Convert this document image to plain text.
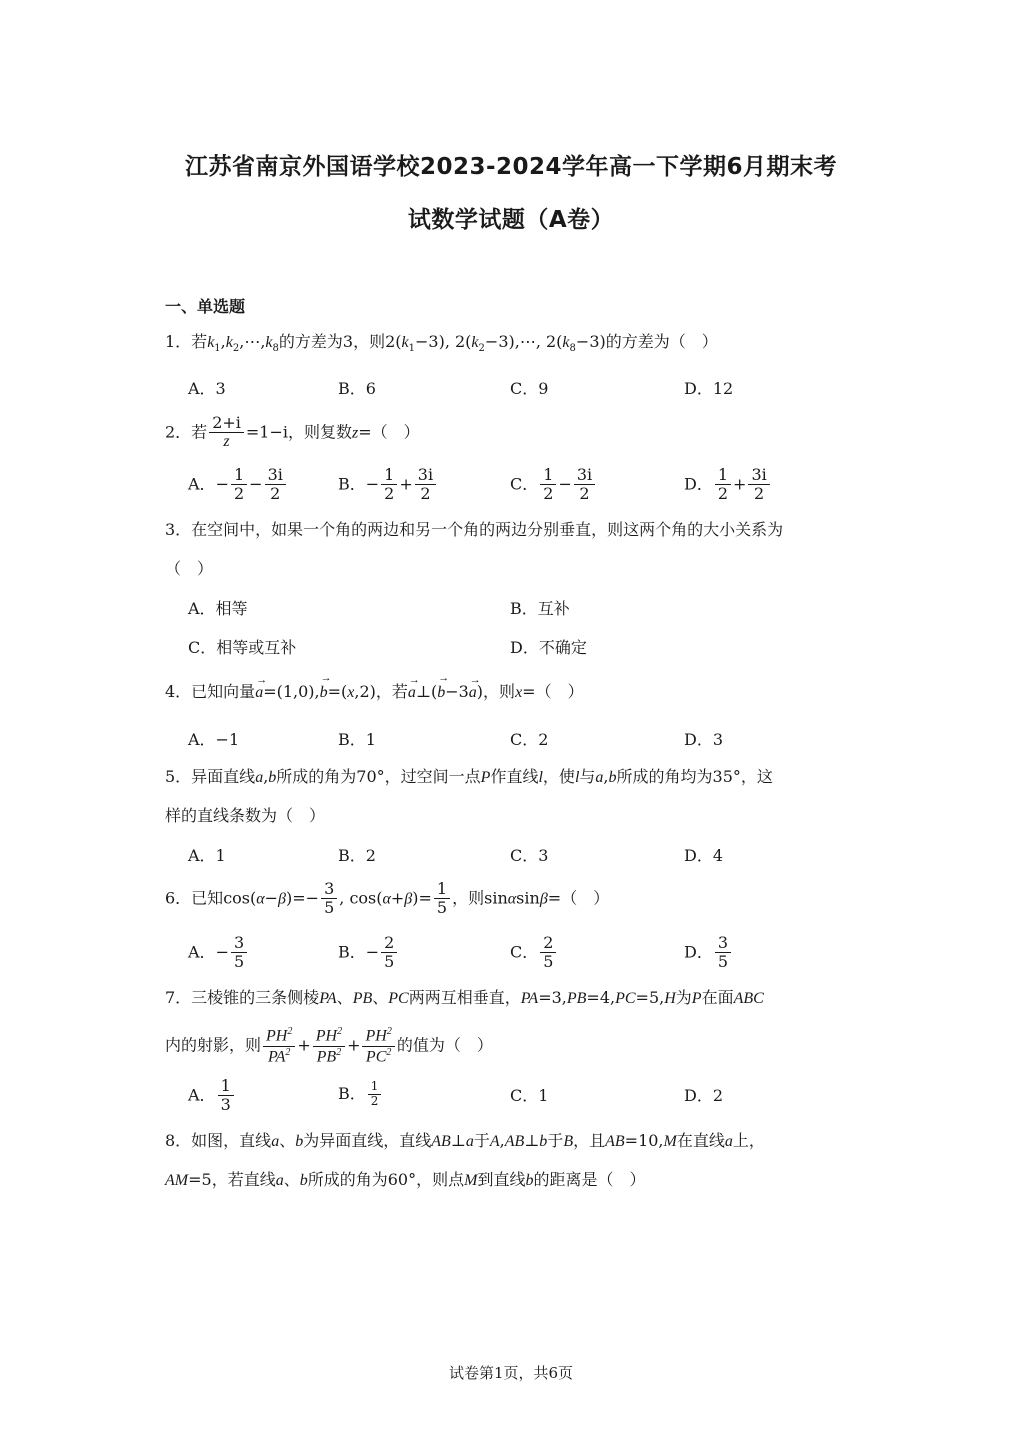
江苏省南京外国语学校2023-2024学年高一下学期6月期末考
试数学试题（A卷）
一、单选题
1．若$k_1,k_2,\cdots,k_8$的方差为3，则$2(k_1-3)$, $2(k_2-3),\cdots$, $2(k_8-3)$的方差为（　）
A．3	B．6	C．9	D．12
2．若 $\frac{2+i}{z} =1-i$，则复数z=（　）
A．− $\frac{1}{2} - \frac{3i}{2}$	B．− $\frac{1}{2} + \frac{3i}{2}$	C． $\frac{1}{2} - \frac{3i}{2}$	D． $\frac{1}{2} + \frac{3i}{2}$
3．在空间中，如果一个角的两边和另一个角的两边分别垂直，则这两个角的大小关系为
（　）
A．相等	B．互补
C．相等或互补	D．不确定
4．已知向量a
→
=(1,0),b
→
=(x,2)，若a
→
⊥(b
→
−3a
→
)，则x=（　）
A．−1	B．1	C．2	D．3
5．异面直线a,b所成的角为70°，过空间一点P作直线l，使l与a,b所成的角均为35°，这
样的直线条数为（　）
A．1	B．2	C．3	D．4
6．已知$\cos(\alpha-\beta)=- \frac{3}{5}$ , $\cos(\alpha+\beta)= \frac{1}{5}$ ，则sinαsinβ=（　）
A．− $\frac{3}{5}$	B．− $\frac{2}{5}$	C． $\frac{2}{5}$	D． $\frac{3}{5}$
7．三棱锥的三条侧棱PA、PB、PC两两互相垂直，PA=3,PB=4,PC=5,H为P在面ABC
内的射影，则 $\frac{PH^2}{PA^2} + \frac{PH^2}{PB^2} + \frac{PH^2}{PC^2}$ 的值为（　）
A． $\frac{1}{3}$	B． $\frac{1}{2}$	C．1	D．2
8．如图，直线a、b为异面直线，直线AB⊥a于A,AB⊥b于B，且AB=10,M在直线a上，
AM=5，若直线a、b所成的角为60°，则点M到直线b的距离是（　）
试卷第1页，共6页
